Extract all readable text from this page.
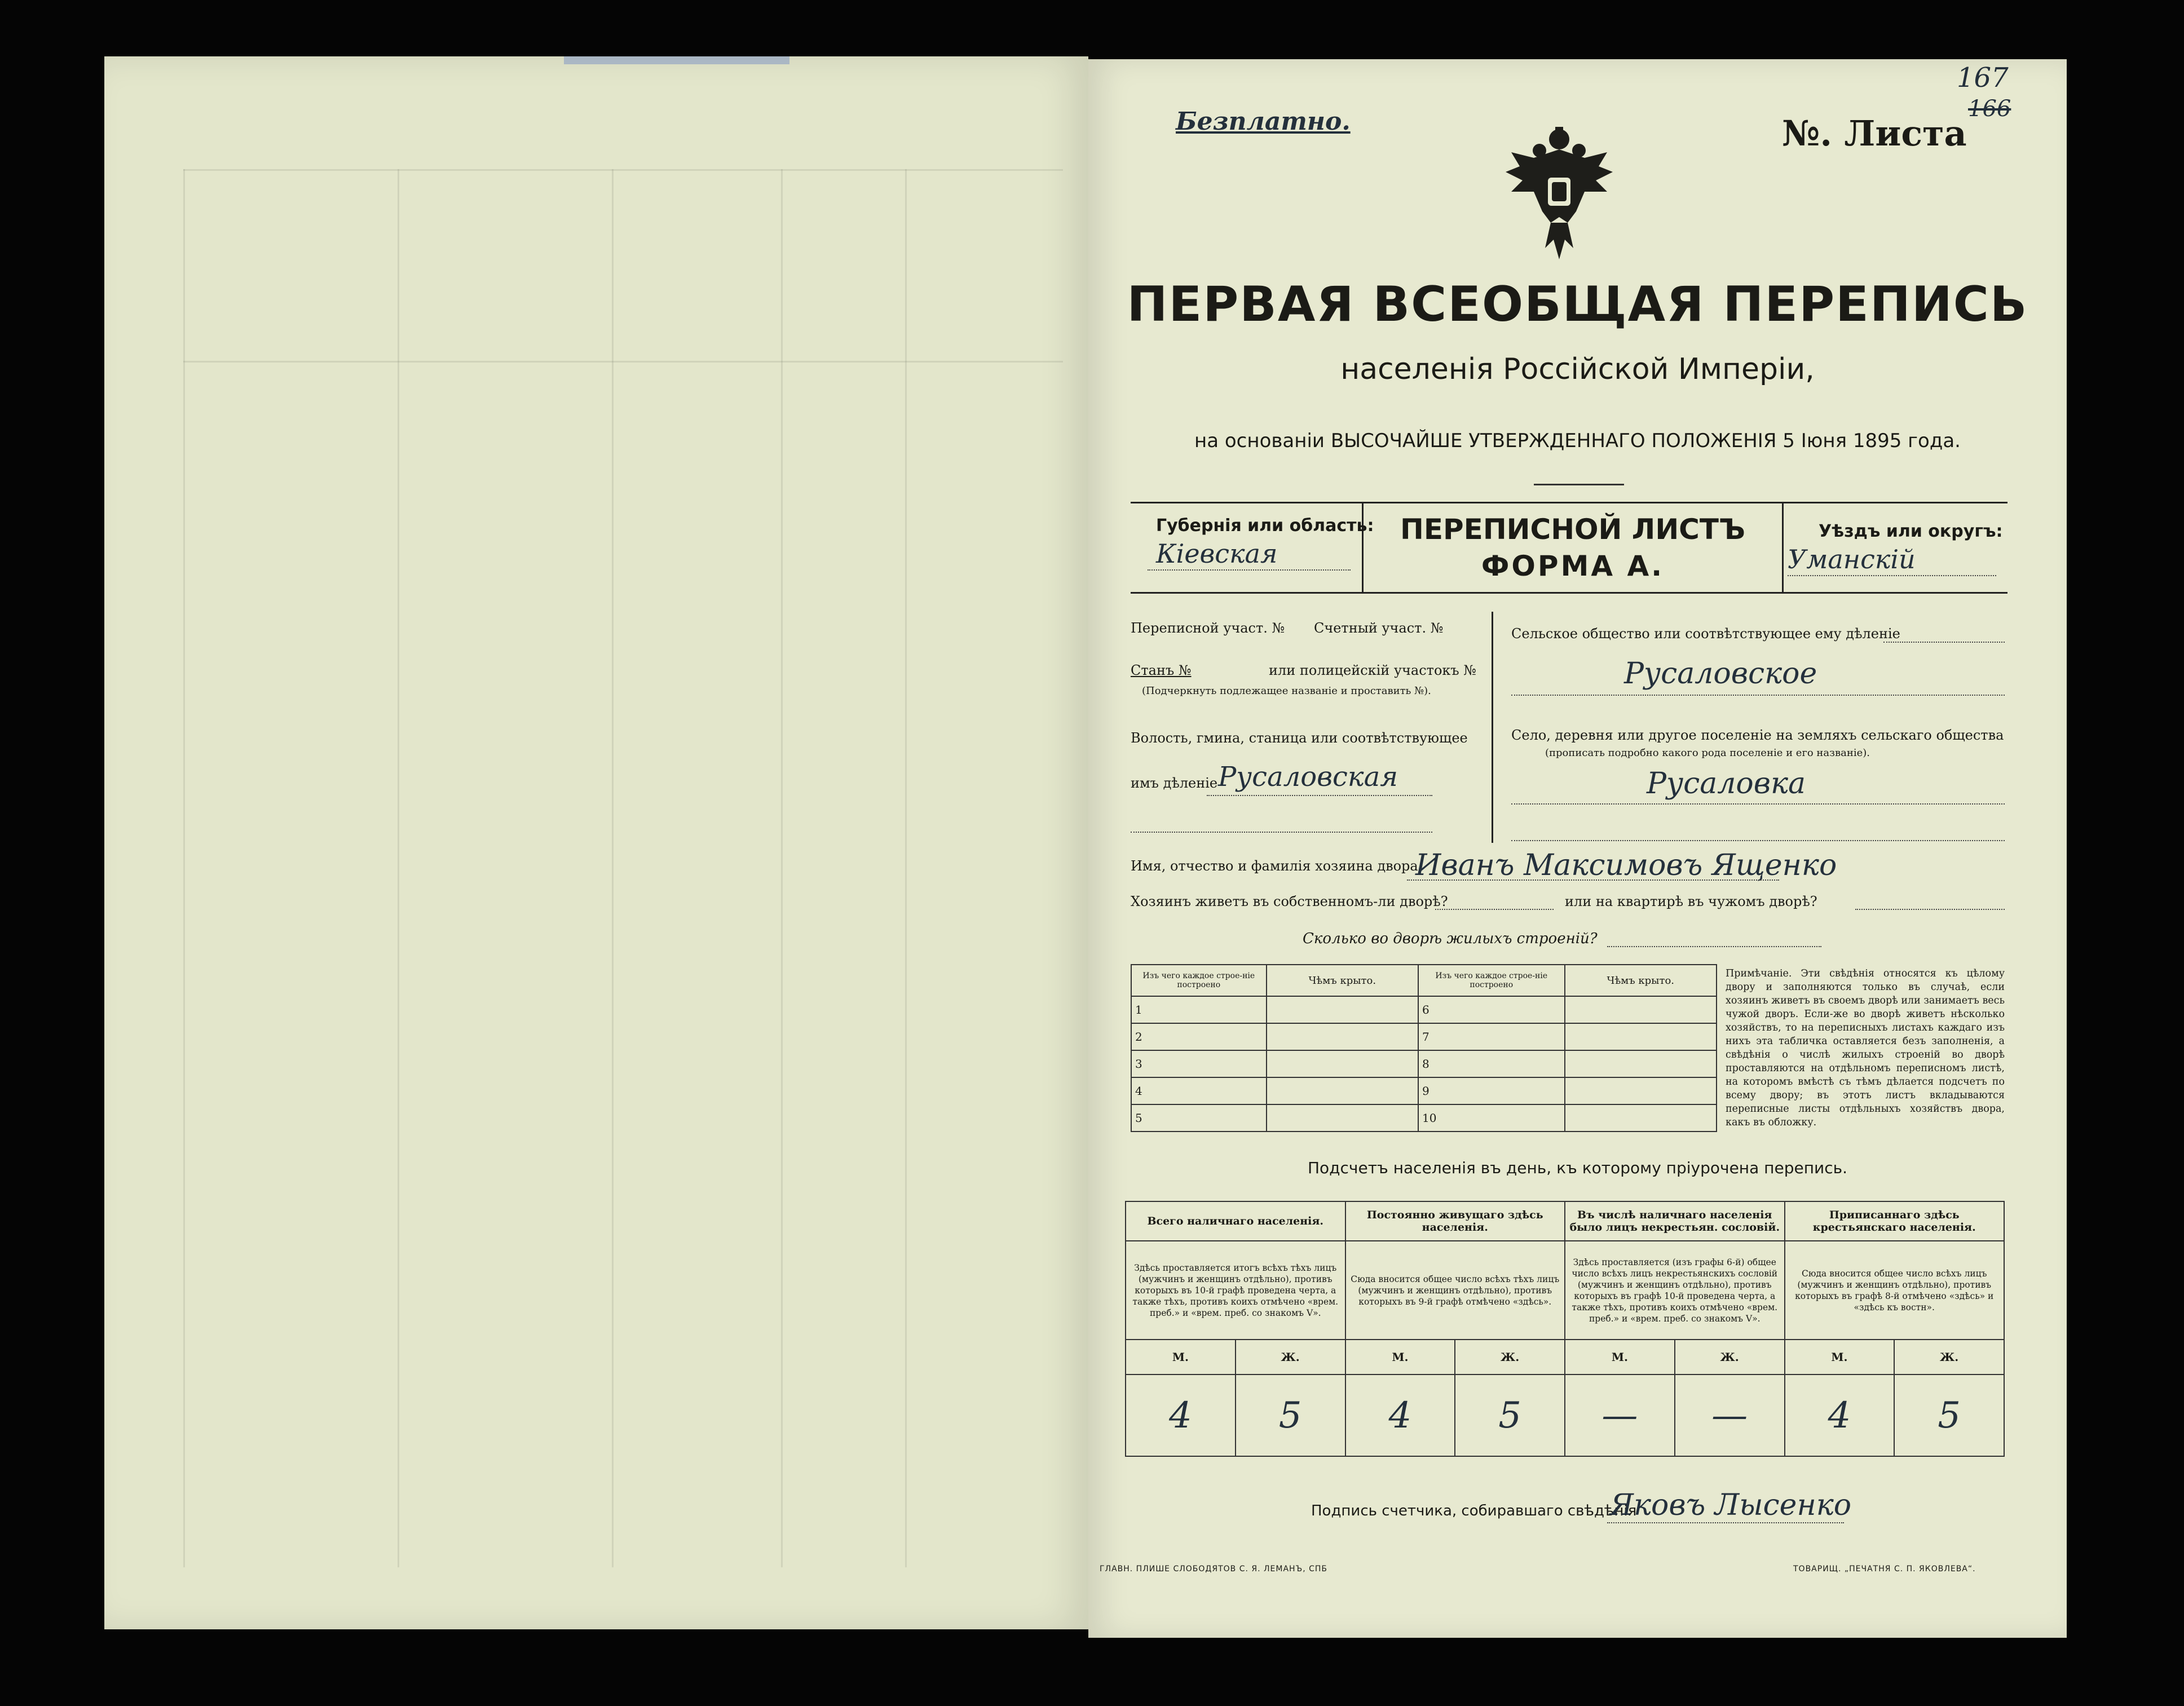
Безплатно.	№. Листа
167
166
ПЕРВАЯ ВСЕОБЩАЯ ПЕРЕПИСЬ
населенія Россійской Имперіи,
на основаніи ВЫСОЧАЙШЕ УТВЕРЖДЕННАГО ПОЛОЖЕНІЯ 5 Іюня 1895 года.
Губернія или область:
Кіевская
ПЕРЕПИСНОЙ ЛИСТЪ
ФОРМА А.
Уѣздъ или округъ:
Уманскій
Переписной участ. № Счетный участ. №
Станъ №	или полицейскій участокъ №
(Подчеркнуть подлежащее названіе и проставить №).
Волость, гмина, станица или соотвѣтствующее
имъ дѣленіе Русаловская
Сельское общество или соотвѣтствующее ему дѣленіе
Русаловское
Село, деревня или другое поселеніе на земляхъ сельскаго общества
(прописать подробно какого рода поселеніе и его названіе).
Русаловка
Имя, отчество и фамилія хозяина двора
Иванъ Максимовъ Ященко
Хозяинъ живетъ въ собственномъ-ли дворѣ?	или на квартирѣ въ чужомъ дворѣ?
Сколько во дворѣ жилыхъ строеній?
Изъ чего каждое строе-ніе построено	Чѣмъ крыто.	Изъ чего каждое строе-ніе построено	Чѣмъ крыто.
1		6	
2		7	
3		8	
4		9	
5		10	
Примѣчаніе. Эти свѣдѣнія относятся къ цѣлому двору и заполняются только въ случаѣ, если хозяинъ живетъ въ своемъ дворѣ или занимаетъ весь чужой дворъ. Если-же во дворѣ живетъ нѣсколько хозяйствъ, то на переписныхъ листахъ каждаго изъ нихъ эта табличка оставляется безъ заполненія, а свѣдѣнія о числѣ жилыхъ строеній во дворѣ проставляются на отдѣльномъ переписномъ листѣ, на которомъ вмѣстѣ съ тѣмъ дѣлается подсчетъ по всему двору; въ этотъ листъ вкладываются переписные листы отдѣльныхъ хозяйствъ двора, какъ въ обложку.
Подсчетъ населенія въ день, къ которому пріурочена перепись.
Всего наличнаго населенія.		Постоянно живущаго здѣсь населенія.		Въ числѣ наличнаго населенія было лицъ некрестьян. сословій.		Приписаннаго здѣсь крестьянскаго населенія.	
Здѣсь проставляется итогъ всѣхъ тѣхъ лицъ (мужчинъ и женщинъ отдѣльно), противъ которыхъ въ 10-й графѣ проведена черта, а также тѣхъ, противъ коихъ отмѣчено «врем. преб.» и «врем. преб. со знакомъ V».		Сюда вносится общее число всѣхъ тѣхъ лицъ (мужчинъ и женщинъ отдѣльно), противъ которыхъ въ 9-й графѣ отмѣчено «здѣсь».		Здѣсь проставляется (изъ графы 6-й) общее число всѣхъ лицъ некрестьянскихъ сословій (мужчинъ и женщинъ отдѣльно), противъ которыхъ въ графѣ 10-й проведена черта, а также тѣхъ, противъ коихъ отмѣчено «врем. преб.» и «врем. преб. со знакомъ V».		Сюда вносится общее число всѣхъ лицъ (мужчинъ и женщинъ отдѣльно), противъ которыхъ въ графѣ 8-й отмѣчено «здѣсь» и «здѣсь къ востн».	
М.	Ж.	М.	Ж.	М.	Ж.	М.	Ж.
4	5	4	5	—	—	4	5
Подпись счетчика, собиравшаго свѣдѣнія
Яковъ Лысенко
ГЛАВН. ПЛИШЕ СЛОБОДЯТОВ С. Я. ЛЕМАНЪ, СПБ	ТОВАРИЩ. „ПЕЧАТНЯ С. П. ЯКОВЛЕВА“.
